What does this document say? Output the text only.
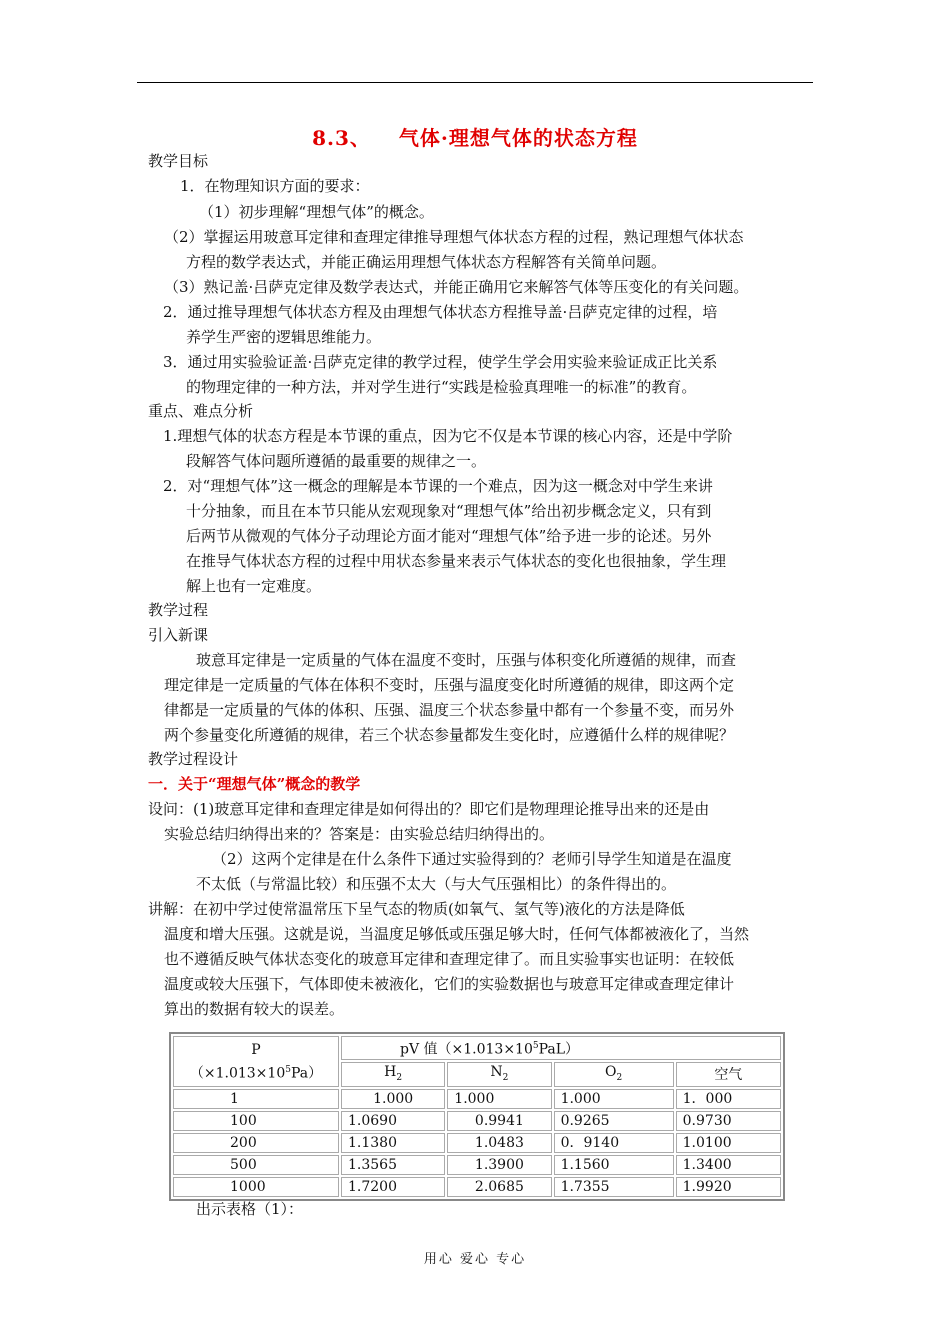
8.3、 气体·理想气体的状态方程
教学目标
1．在物理知识方面的要求：
（1）初步理解“理想气体”的概念。
（2）掌握运用玻意耳定律和查理定律推导理想气体状态方程的过程，熟记理想气体状态
方程的数学表达式，并能正确运用理想气体状态方程解答有关简单问题。
（3）熟记盖·吕萨克定律及数学表达式，并能正确用它来解答气体等压变化的有关问题。
2．通过推导理想气体状态方程及由理想气体状态方程推导盖·吕萨克定律的过程，培
养学生严密的逻辑思维能力。
3．通过用实验验证盖·吕萨克定律的教学过程，使学生学会用实验来验证成正比关系
的物理定律的一种方法，并对学生进行“实践是检验真理唯一的标准”的教育。
重点、难点分析
1.理想气体的状态方程是本节课的重点，因为它不仅是本节课的核心内容，还是中学阶
段解答气体问题所遵循的最重要的规律之一。
2．对“理想气体”这一概念的理解是本节课的一个难点，因为这一概念对中学生来讲
十分抽象，而且在本节只能从宏观现象对“理想气体”给出初步概念定义，只有到
后两节从微观的气体分子动理论方面才能对“理想气体”给予进一步的论述。另外
在推导气体状态方程的过程中用状态参量来表示气体状态的变化也很抽象，学生理
解上也有一定难度。
教学过程
引入新课
玻意耳定律是一定质量的气体在温度不变时，压强与体积变化所遵循的规律，而查
理定律是一定质量的气体在体积不变时，压强与温度变化时所遵循的规律，即这两个定
律都是一定质量的气体的体积、压强、温度三个状态参量中都有一个参量不变，而另外
两个参量变化所遵循的规律，若三个状态参量都发生变化时，应遵循什么样的规律呢？
教学过程设计
一．关于“理想气体”概念的教学
设问：(1)玻意耳定律和查理定律是如何得出的？即它们是物理理论推导出来的还是由
实验总结归纳得出来的？答案是：由实验总结归纳得出的。
（2）这两个定律是在什么条件下通过实验得到的？老师引导学生知道是在温度
不太低（与常温比较）和压强不太大（与大气压强相比）的条件得出的。
讲解：在初中学过使常温常压下呈气态的物质(如氧气、氢气等)液化的方法是降低
温度和增大压强。这就是说，当温度足够低或压强足够大时，任何气体都被液化了，当然
也不遵循反映气体状态变化的玻意耳定律和查理定律了。而且实验事实也证明：在较低
温度或较大压强下，气体即使未被液化，它们的实验数据也与玻意耳定律或查理定律计
算出的数据有较大的误差。
P
$(\times 1.013\times 10^5Pa)$	pV 值$(\times 1.013\times 10^5PaL)$			
	$H_2$	$N_2$	$O_2$	空气
1	1.000	1.000	1.000	1．000
100	1.0690	0.9941	0.9265	0.9730
200	1.1380	1.0483	0．9140	1.0100
500	1.3565	1.3900	1.1560	1.3400
1000	1.7200	2.0685	1.7355	1.9920
出示表格（1）：
用心 爱心 专心
